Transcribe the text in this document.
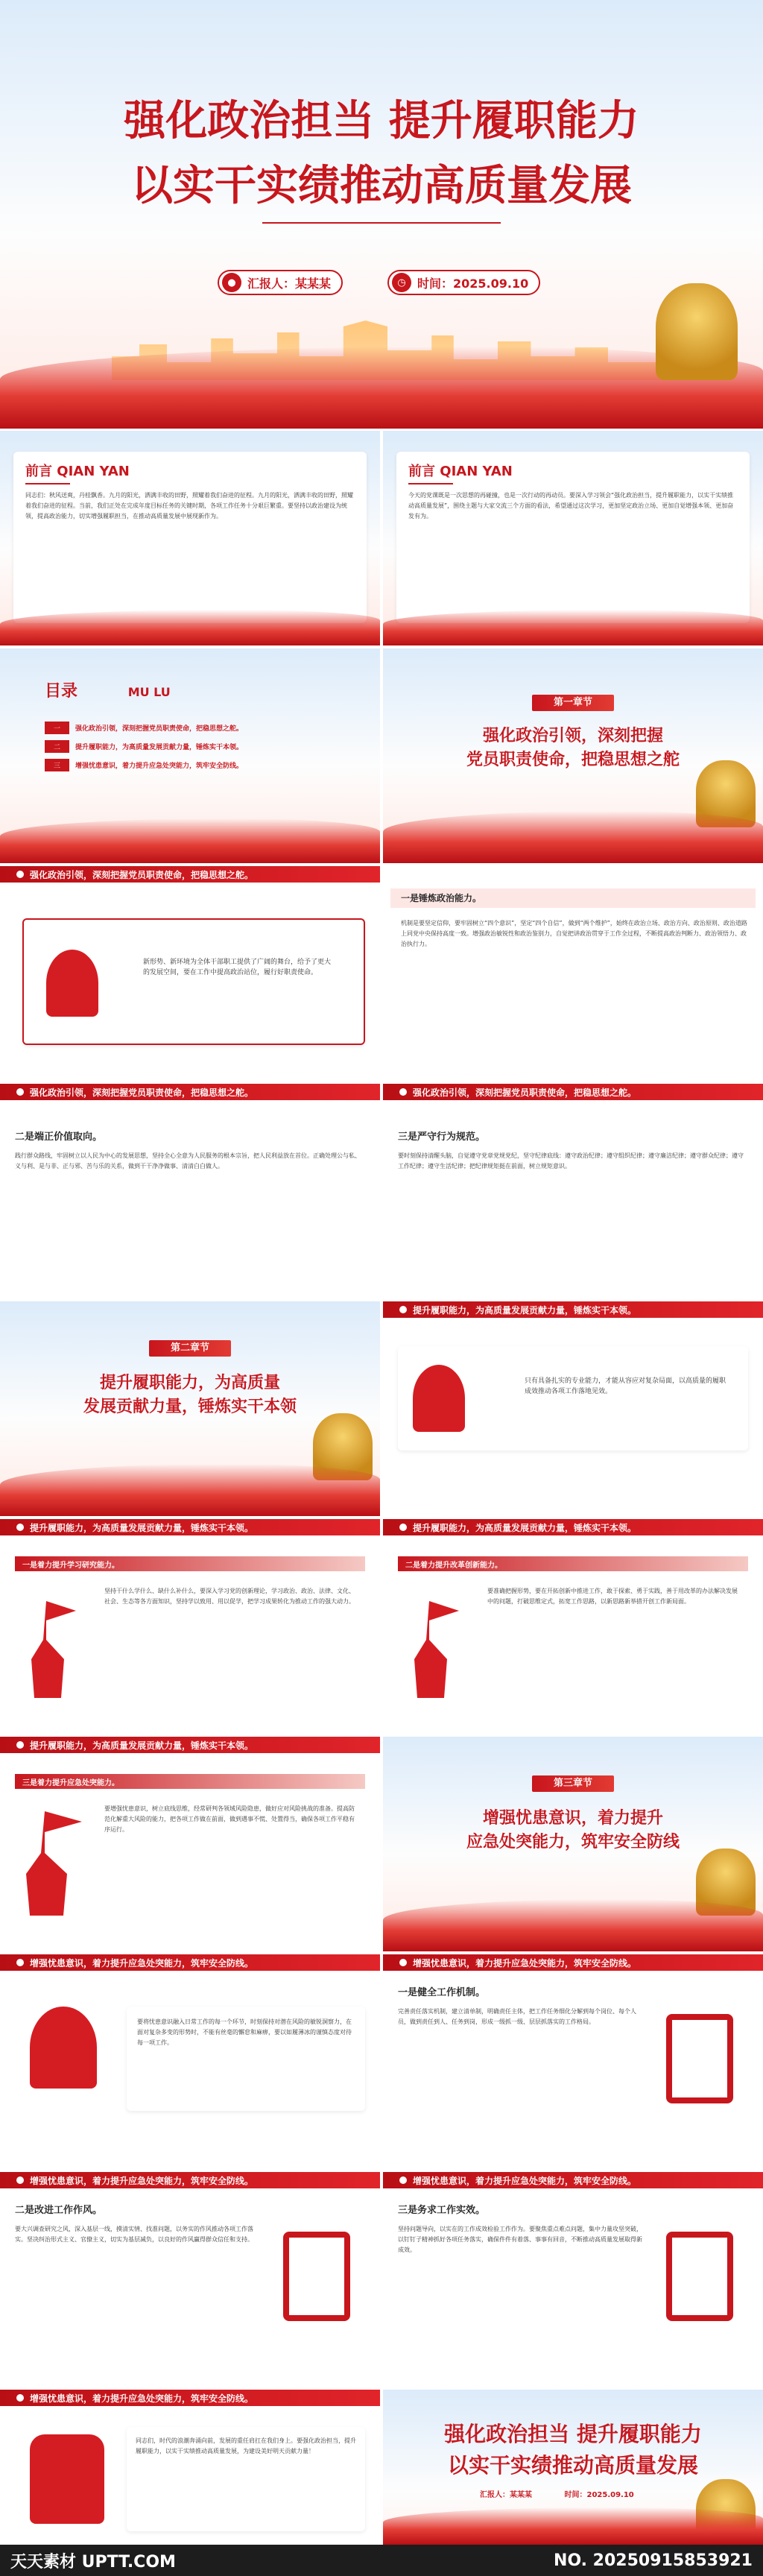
强化政治担当 提升履职能力
以实干实绩推动高质量发展
● 汇报人：某某某	◷ 时间：2025.09.10
前言 QIAN YAN
同志们：秋风送爽，丹桂飘香。九月的阳光，洒满丰收的田野，照耀着我们奋进的征程。九月的阳光，洒满丰收的田野，照耀着我们奋进的征程。当前，我们正处在完成年度目标任务的关键时期，各项工作任务十分艰巨繁重。要坚持以政治建设为统领，提高政治能力，切实增强履职担当，在推动高质量发展中展现新作为。
前言 QIAN YAN
今天的党课既是一次思想的再碰撞，也是一次行动的再动员。要深入学习领会“强化政治担当，提升履职能力，以实干实绩推动高质量发展”，围绕主题与大家交流三个方面的看法，希望通过这次学习，更加坚定政治立场、更加自觉增强本领、更加奋发有为。
目录	MU LU
一	强化政治引领，深刻把握党员职责使命，把稳思想之舵。
二	提升履职能力，为高质量发展贡献力量，锤炼实干本领。
三	增强忧患意识，着力提升应急处突能力，筑牢安全防线。
第一章节
强化政治引领，深刻把握
党员职责使命，把稳思想之舵
强化政治引领，深刻把握党员职责使命，把稳思想之舵。
新形势、新环境为全体干部职工提供了广阔的舞台，给予了更大的发展空间，要在工作中提高政治站位，履行好职责使命。
一是锤炼政治能力。
机制是要坚定信仰，要牢固树立“四个意识”，坚定“四个自信”，做到“两个维护”，始终在政治立场、政治方向、政治原则、政治道路上同党中央保持高度一致。增强政治敏锐性和政治鉴别力，自觉把讲政治贯穿于工作全过程，不断提高政治判断力、政治领悟力、政治执行力。
强化政治引领，深刻把握党员职责使命，把稳思想之舵。
二是端正价值取向。
践行群众路线，牢固树立以人民为中心的发展思想，坚持全心全意为人民服务的根本宗旨，把人民利益放在首位。正确处理公与私、义与利、是与非、正与邪、苦与乐的关系，做到干干净净做事、清清白白做人。
强化政治引领，深刻把握党员职责使命，把稳思想之舵。
三是严守行为规范。
要时刻保持清醒头脑，自觉遵守党章党规党纪，坚守纪律底线：遵守政治纪律；遵守组织纪律；遵守廉洁纪律；遵守群众纪律；遵守工作纪律；遵守生活纪律；把纪律规矩挺在前面，树立规矩意识。
第二章节
提升履职能力，为高质量
发展贡献力量，锤炼实干本领
提升履职能力，为高质量发展贡献力量，锤炼实干本领。
只有具备扎实的专业能力，才能从容应对复杂局面，以高质量的履职成效推动各项工作落地见效。
提升履职能力，为高质量发展贡献力量，锤炼实干本领。
一是着力提升学习研究能力。
坚持干什么学什么、缺什么补什么，要深入学习党的创新理论，学习政治、政治、法律、文化、社会、生态等各方面知识，坚持学以致用、用以促学，把学习成果转化为推动工作的强大动力。
提升履职能力，为高质量发展贡献力量，锤炼实干本领。
二是着力提升改革创新能力。
要准确把握形势，要在开拓创新中推进工作，敢于探索、勇于实践，善于用改革的办法解决发展中的问题，打破思维定式，拓宽工作思路，以新思路新举措开创工作新局面。
提升履职能力，为高质量发展贡献力量，锤炼实干本领。
三是着力提升应急处突能力。
要增强忧患意识，树立底线思维，经常研判各领域风险隐患，做好应对风险挑战的准备。提高防范化解重大风险的能力，把各项工作做在前面，做到遇事不慌、处置得当，确保各项工作平稳有序运行。
第三章节
增强忧患意识，着力提升
应急处突能力，筑牢安全防线
增强忧患意识，着力提升应急处突能力，筑牢安全防线。
要将忧患意识融入日常工作的每一个环节，时刻保持对潜在风险的敏锐洞察力，在面对复杂多变的形势时，不能有丝毫的懈怠和麻痹，要以如履薄冰的谨慎态度对待每一项工作。
增强忧患意识，着力提升应急处突能力，筑牢安全防线。
一是健全工作机制。
完善责任落实机制，建立清单制，明确责任主体，把工作任务细化分解到每个岗位、每个人员，做到责任到人、任务到岗，形成一级抓一级、层层抓落实的工作格局。
增强忧患意识，着力提升应急处突能力，筑牢安全防线。
二是改进工作作风。
要大兴调查研究之风，深入基层一线，摸清实情、找准问题，以务实的作风推动各项工作落实。坚决纠治形式主义、官僚主义，切实为基层减负，以良好的作风赢得群众信任和支持。
增强忧患意识，着力提升应急处突能力，筑牢安全防线。
三是务求工作实效。
坚持问题导向，以实在的工作成效检验工作作为。要聚焦重点难点问题，集中力量攻坚突破，以钉钉子精神抓好各项任务落实，确保件件有着落、事事有回音，不断推动高质量发展取得新成效。
增强忧患意识，着力提升应急处突能力，筑牢安全防线。
同志们，时代的浪潮奔涌向前，发展的重任肩扛在我们身上。要强化政治担当，提升履职能力，以实干实绩推动高质量发展，为建设美好明天贡献力量！
强化政治担当 提升履职能力
以实干实绩推动高质量发展
汇报人：某某某	时间：2025.09.10
天天素材 UPTT.COM	NO. 20250915853921
